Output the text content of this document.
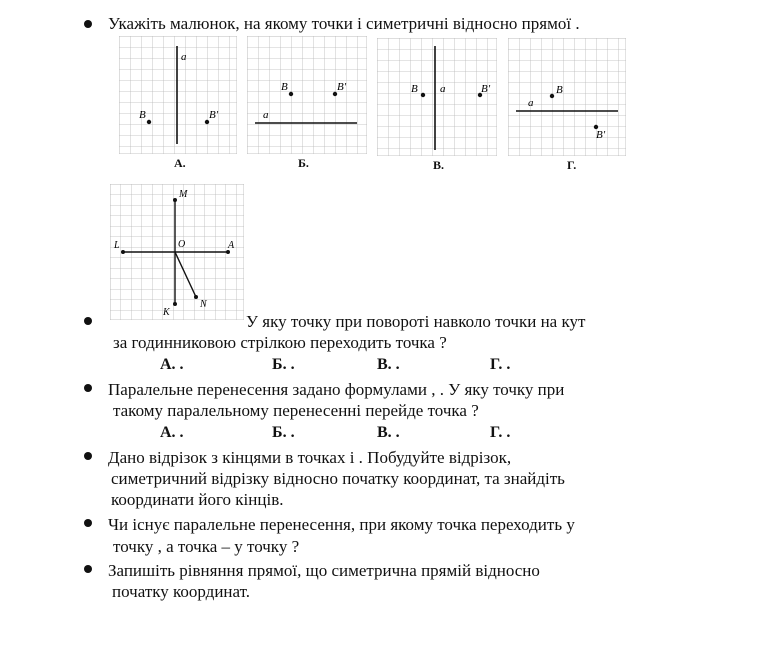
Укажіть малюнок, на якому точки і симетричні відносно прямої .
a
B	B′
А.
a
B	B′
Б.
a
B	B′
В.
a
B
B′
Г.
M
O
L	A
K
N
У яку точку при повороті навколо точки на кут
за годинниковою стрілкою переходить точка ?
А. .	Б. .	В. .	Г. .
Паралельне перенесення задано формулами , . У яку точку при
такому паралельному перенесенні перейде точка ?
А. .	Б. .	В. .	Г. .
Дано відрізок з кінцями в точках і . Побудуйте відрізок,
симетричний відрізку відносно початку координат, та знайдіть
координати його кінців.
Чи існує паралельне перенесення, при якому точка переходить у
точку , а точка – у точку ?
Запишіть рівняння прямої, що симетрична прямій відносно
початку координат.
